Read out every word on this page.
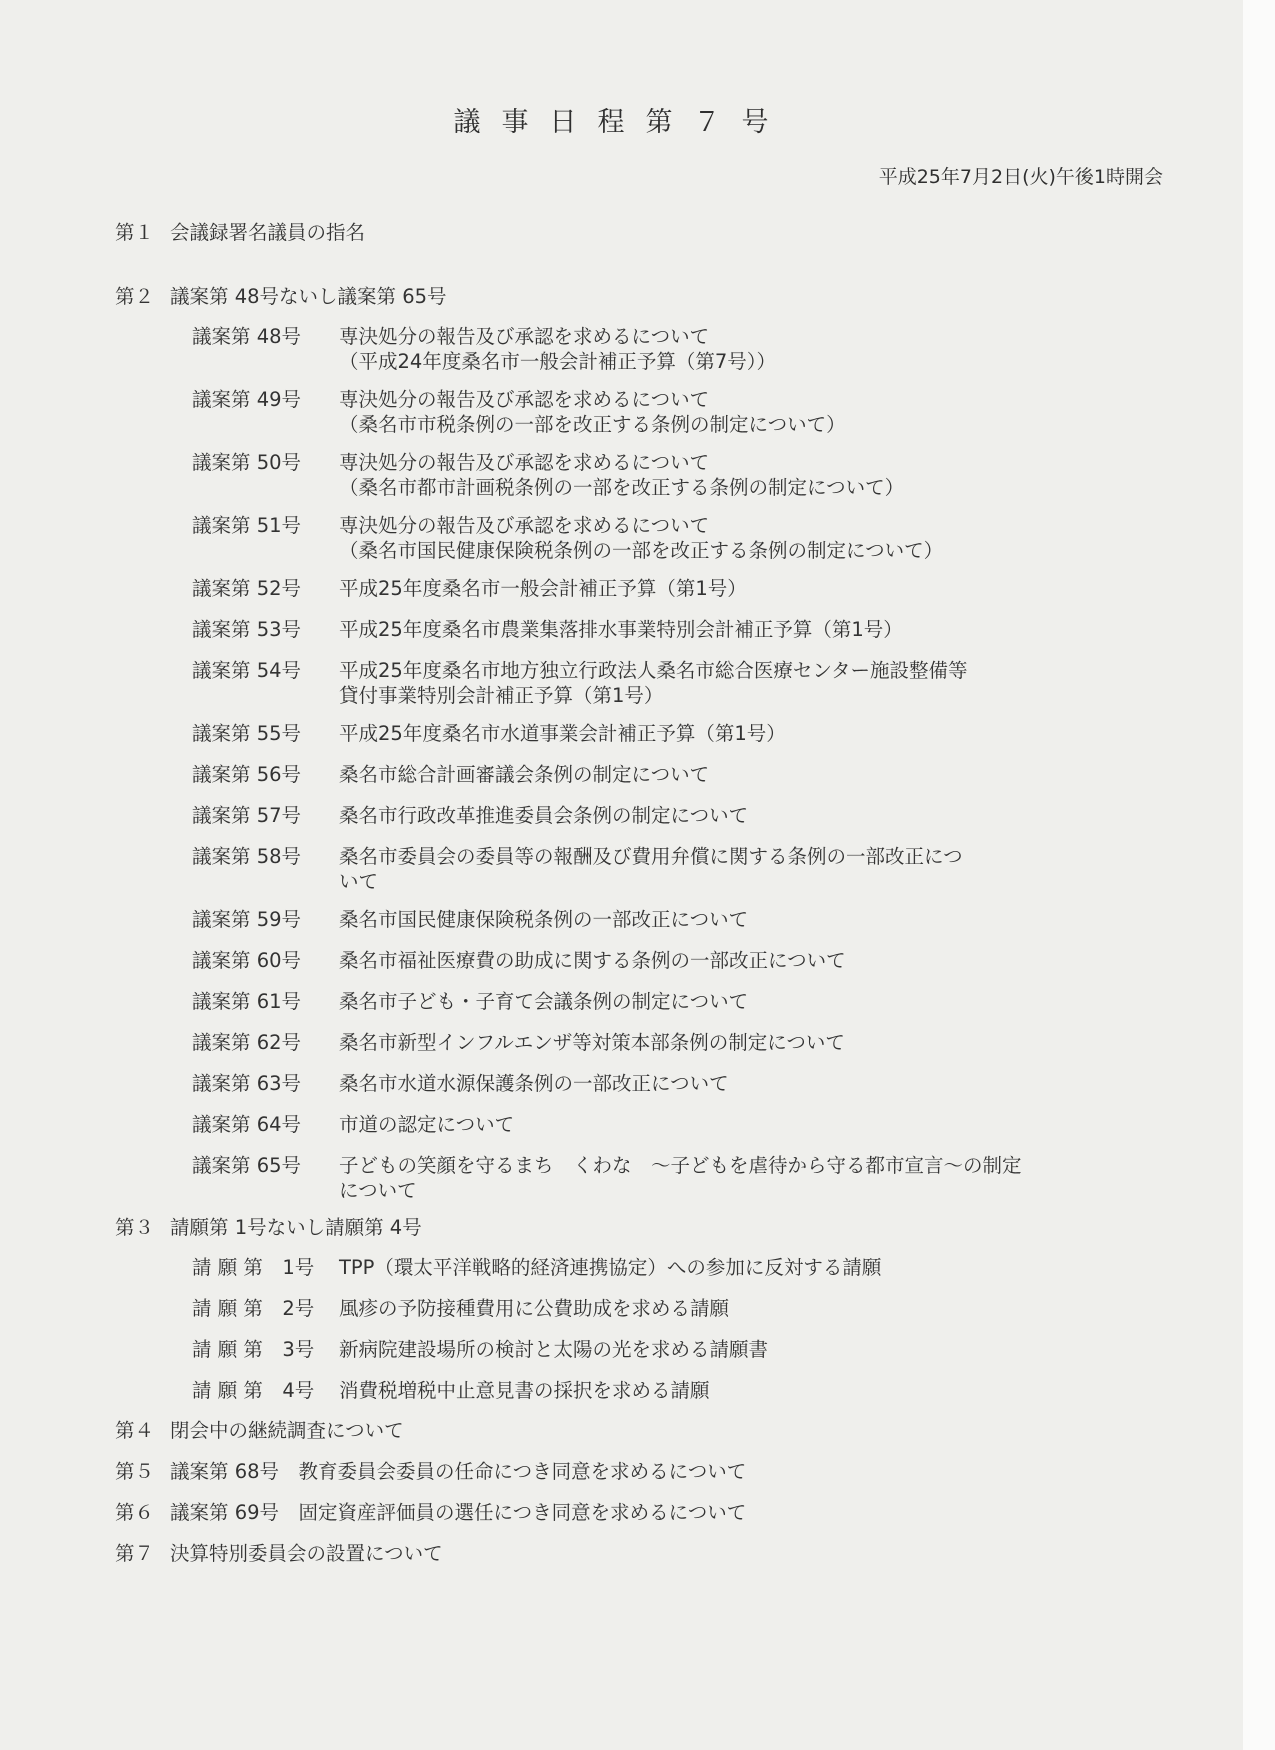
議事日程第７号
平成25年7月2日(火)午後1時開会
第１ 会議録署名議員の指名
第２ 議案第 48号ないし議案第 65号
議案第 48号	専決処分の報告及び承認を求めるについて
（平成24年度桑名市一般会計補正予算（第7号））
議案第 49号	専決処分の報告及び承認を求めるについて
（桑名市市税条例の一部を改正する条例の制定について）
議案第 50号	専決処分の報告及び承認を求めるについて
（桑名市都市計画税条例の一部を改正する条例の制定について）
議案第 51号	専決処分の報告及び承認を求めるについて
（桑名市国民健康保険税条例の一部を改正する条例の制定について）
議案第 52号	平成25年度桑名市一般会計補正予算（第1号）
議案第 53号	平成25年度桑名市農業集落排水事業特別会計補正予算（第1号）
議案第 54号	平成25年度桑名市地方独立行政法人桑名市総合医療センター施設整備等
貸付事業特別会計補正予算（第1号）
議案第 55号	平成25年度桑名市水道事業会計補正予算（第1号）
議案第 56号	桑名市総合計画審議会条例の制定について
議案第 57号	桑名市行政改革推進委員会条例の制定について
議案第 58号	桑名市委員会の委員等の報酬及び費用弁償に関する条例の一部改正につ
いて
議案第 59号	桑名市国民健康保険税条例の一部改正について
議案第 60号	桑名市福祉医療費の助成に関する条例の一部改正について
議案第 61号	桑名市子ども・子育て会議条例の制定について
議案第 62号	桑名市新型インフルエンザ等対策本部条例の制定について
議案第 63号	桑名市水道水源保護条例の一部改正について
議案第 64号	市道の認定について
議案第 65号	子どもの笑顔を守るまち　くわな　～子どもを虐待から守る都市宣言～の制定
について
第３ 請願第 1号ないし請願第 4号
請 願 第　1号	TPP（環太平洋戦略的経済連携協定）への参加に反対する請願
請 願 第　2号	風疹の予防接種費用に公費助成を求める請願
請 願 第　3号	新病院建設場所の検討と太陽の光を求める請願書
請 願 第　4号	消費税増税中止意見書の採択を求める請願
第４ 閉会中の継続調査について
第５ 議案第 68号　教育委員会委員の任命につき同意を求めるについて
第６ 議案第 69号　固定資産評価員の選任につき同意を求めるについて
第７ 決算特別委員会の設置について
